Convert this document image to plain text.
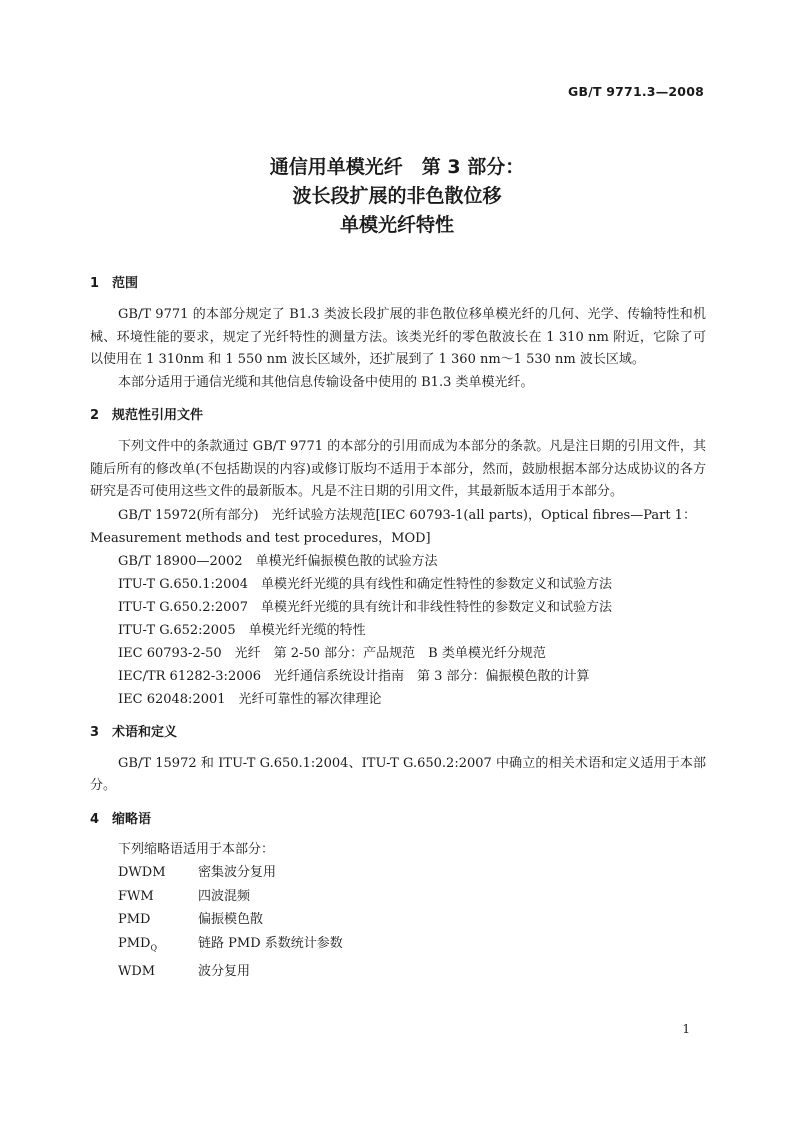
GB/T 9771.3—2008
通信用单模光纤　第 3 部分：
波长段扩展的非色散位移
单模光纤特性
1 范围

GB/T 9771 的本部分规定了 B1.3 类波长段扩展的非色散位移单模光纤的几何、光学、传输特性和机械、环境性能的要求，规定了光纤特性的测量方法。该类光纤的零色散波长在 1 310 nm 附近，它除了可以使用在 1 310nm 和 1 550 nm 波长区域外，还扩展到了 1 360 nm～1 530 nm 波长区域。

本部分适用于通信光缆和其他信息传输设备中使用的 B1.3 类单模光纤。

2 规范性引用文件

下列文件中的条款通过 GB/T 9771 的本部分的引用而成为本部分的条款。凡是注日期的引用文件，其随后所有的修改单(不包括勘误的内容)或修订版均不适用于本部分，然而，鼓励根据本部分达成协议的各方研究是否可使用这些文件的最新版本。凡是不注日期的引用文件，其最新版本适用于本部分。

GB/T 15972(所有部分)　光纤试验方法规范[IEC 60793-1(all parts)，Optical fibres—Part 1：Measurement methods and test procedures，MOD]

GB/T 18900—2002　单模光纤偏振模色散的试验方法

ITU-T G.650.1:2004　单模光纤光缆的具有线性和确定性特性的参数定义和试验方法

ITU-T G.650.2:2007　单模光纤光缆的具有统计和非线性特性的参数定义和试验方法

ITU-T G.652:2005　单模光纤光缆的特性

IEC 60793-2-50　光纤　第 2-50 部分：产品规范　B 类单模光纤分规范

IEC/TR 61282-3:2006　光纤通信系统设计指南　第 3 部分：偏振模色散的计算

IEC 62048:2001　光纤可靠性的幂次律理论

3 术语和定义

GB/T 15972 和 ITU-T G.650.1:2004、ITU-T G.650.2:2007 中确立的相关术语和定义适用于本部分。

4 缩略语

下列缩略语适用于本部分：

DWDM	密集波分复用
FWM	四波混频
PMD	偏振模色散
$PMD_Q$	链路 PMD 系数统计参数
WDM	波分复用
1
